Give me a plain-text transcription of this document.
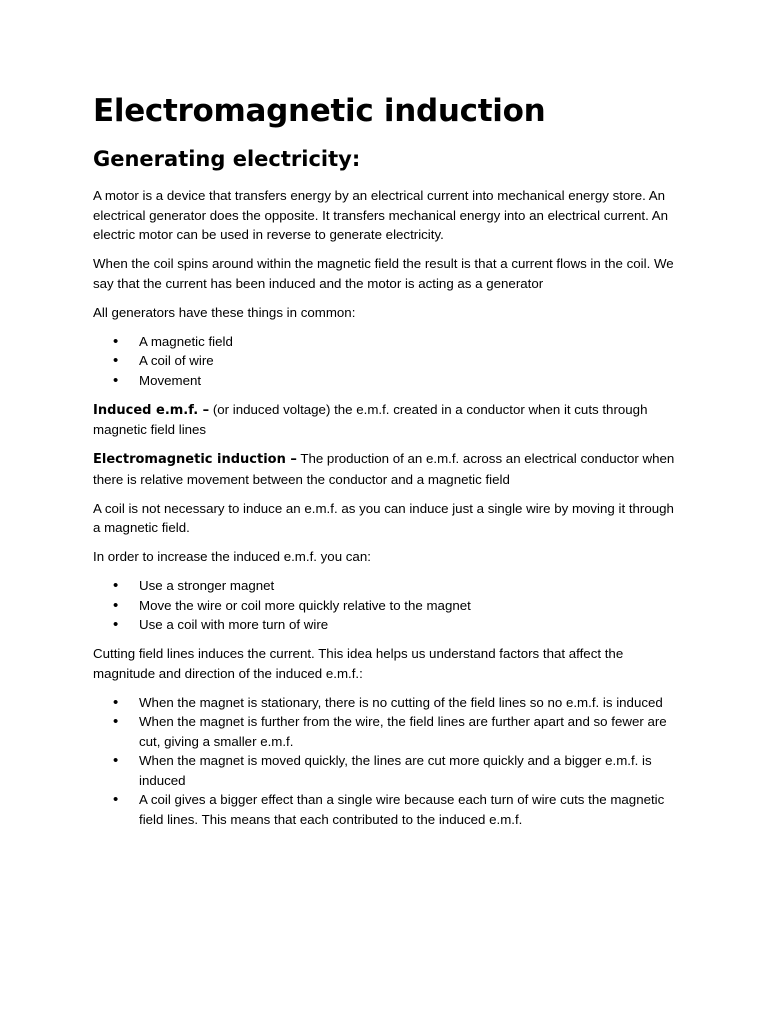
Electromagnetic induction
Generating electricity:

A motor is a device that transfers energy by an electrical current into mechanical energy store. An electrical generator does the opposite. It transfers mechanical energy into an electrical current. An electric motor can be used in reverse to generate electricity.

When the coil spins around within the magnetic field the result is that a current flows in the coil. We say that the current has been induced and the motor is acting as a generator

All generators have these things in common:

• A magnetic field
• A coil of wire
• Movement

Induced e.m.f. – (or induced voltage) the e.m.f. created in a conductor when it cuts through magnetic field lines

Electromagnetic induction – The production of an e.m.f. across an electrical conductor when there is relative movement between the conductor and a magnetic field

A coil is not necessary to induce an e.m.f. as you can induce just a single wire by moving it through a magnetic field.

In order to increase the induced e.m.f. you can:

• Use a stronger magnet
• Move the wire or coil more quickly relative to the magnet
• Use a coil with more turn of wire

Cutting field lines induces the current. This idea helps us understand factors that affect the magnitude and direction of the induced e.m.f.:

• When the magnet is stationary, there is no cutting of the field lines so no e.m.f. is induced
• When the magnet is further from the wire, the field lines are further apart and so fewer are cut, giving a smaller e.m.f.
• When the magnet is moved quickly, the lines are cut more quickly and a bigger e.m.f. is induced
• A coil gives a bigger effect than a single wire because each turn of wire cuts the magnetic field lines. This means that each contributed to the induced e.m.f.
